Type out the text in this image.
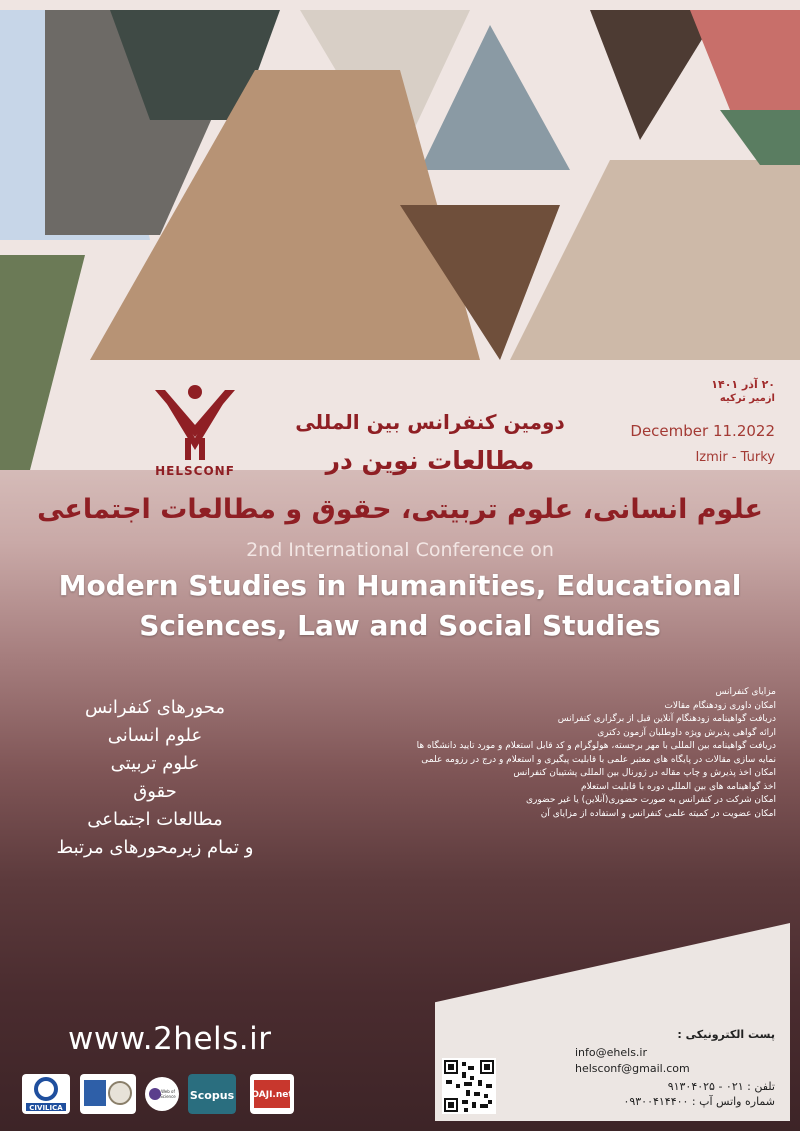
۲۰ آذر ۱۴۰۱
ازمیر ترکیه
December 11.2022
Izmir - Turky
HELSCONF
دومین کنفرانس بین المللی
مطالعات نوین در
علوم انسانی، علوم تربیتی، حقوق و مطالعات اجتماعی
2nd International Conference on
Modern Studies in Humanities, Educational
Sciences, Law and Social Studies
محورهای کنفرانس
علوم انسانی
علوم تربیتی
حقوق
مطالعات اجتماعی
و تمام زیرمحورهای مرتبط
مزایای کنفرانس
امکان داوری زودهنگام مقالات
دریافت گواهینامه زودهنگام آنلاین قبل از برگزاری کنفرانس
ارائه گواهی پذیرش ویژه داوطلبان آزمون دکتری
دریافت گواهینامه بین المللی با مهر برجسته، هولوگرام و کد قابل استعلام و مورد تایید دانشگاه ها
نمایه سازی مقالات در پایگاه های معتبر علمی با قابلیت پیگیری و استعلام و درج در رزومه علمی
امکان اخذ پذیرش و چاپ مقاله در ژورنال بین المللی پشتیبان کنفرانس
اخذ گواهینامه های بین المللی دوره با قابلیت استعلام
امکان شرکت در کنفرانس به صورت حضوری(آنلاین) یا غیر حضوری
امکان عضویت در کمیته علمی کنفرانس و استفاده از مزایای آن
www.2hels.ir	پست الکترونیکی :
info@ehels.ir
helsconf@gmail.com
تلفن : ۰۲۱ - ۹۱۳۰۴۰۲۵
شماره واتس آپ : ۰۹۳۰۰۴۱۴۴۰۰
CIVILICA
Web of
Science Scopus OAJI.net
